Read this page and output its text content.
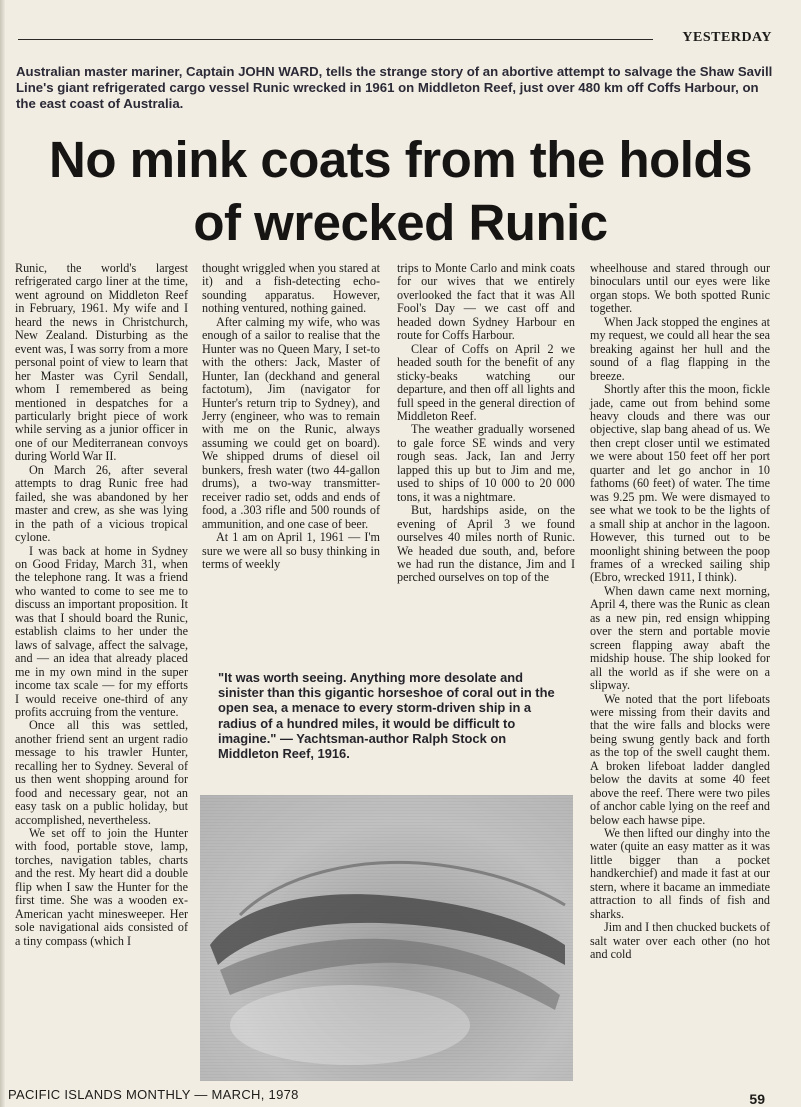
YESTERDAY
Australian master mariner, Captain JOHN WARD, tells the strange story of an abortive attempt to salvage the Shaw Savill Line's giant refrigerated cargo vessel Runic wrecked in 1961 on Middleton Reef, just over 480 km off Coffs Harbour, on the east coast of Australia.
No mink coats from the holds
of wrecked Runic

Runic, the world's largest refrigerated cargo liner at the time, went aground on Middleton Reef in February, 1961. My wife and I heard the news in Christchurch, New Zealand. Disturbing as the event was, I was sorry from a more personal point of view to learn that her Master was Cyril Sendall, whom I remembered as being mentioned in despatches for a particularly bright piece of work while serving as a junior officer in one of our Mediterranean convoys during World War II.

On March 26, after several attempts to drag Runic free had failed, she was abandoned by her master and crew, as she was lying in the path of a vicious tropical cylone.

I was back at home in Sydney on Good Friday, March 31, when the telephone rang. It was a friend who wanted to come to see me to discuss an important proposition. It was that I should board the Runic, establish claims to her under the laws of salvage, affect the salvage, and — an idea that already placed me in my own mind in the super income tax scale — for my efforts I would receive one-third of any profits accruing from the venture.

Once all this was settled, another friend sent an urgent radio message to his trawler Hunter, recalling her to Sydney. Several of us then went shopping around for food and necessary gear, not an easy task on a public holiday, but accomplished, nevertheless.

We set off to join the Hunter with food, portable stove, lamp, torches, navigation tables, charts and the rest. My heart did a double flip when I saw the Hunter for the first time. She was a wooden ex-American yacht minesweeper. Her sole navigational aids consisted of a tiny compass (which I

thought wriggled when you stared at it) and a fish-detecting echo-sounding apparatus. However, nothing ventured, nothing gained.

After calming my wife, who was enough of a sailor to realise that the Hunter was no Queen Mary, I set-to with the others: Jack, Master of Hunter, Ian (deckhand and general factotum), Jim (navigator for Hunter's return trip to Sydney), and Jerry (engineer, who was to remain with me on the Runic, always assuming we could get on board). We shipped drums of diesel oil bunkers, fresh water (two 44-gallon drums), a two-way transmitter-receiver radio set, odds and ends of food, a .303 rifle and 500 rounds of ammunition, and one case of beer.

At 1 am on April 1, 1961 — I'm sure we were all so busy thinking in terms of weekly

trips to Monte Carlo and mink coats for our wives that we entirely overlooked the fact that it was All Fool's Day — we cast off and headed down Sydney Harbour en route for Coffs Harbour.

Clear of Coffs on April 2 we headed south for the benefit of any sticky-beaks watching our departure, and then off all lights and full speed in the general direction of Middleton Reef.

The weather gradually worsened to gale force SE winds and very rough seas. Jack, Ian and Jerry lapped this up but to Jim and me, used to ships of 10 000 to 20 000 tons, it was a nightmare.

But, hardships aside, on the evening of April 3 we found ourselves 40 miles north of Runic. We headed due south, and, before we had run the distance, Jim and I perched ourselves on top of the

wheelhouse and stared through our binoculars until our eyes were like organ stops. We both spotted Runic together.

When Jack stopped the engines at my request, we could all hear the sea breaking against her hull and the sound of a flag flapping in the breeze.

Shortly after this the moon, fickle jade, came out from behind some heavy clouds and there was our objective, slap bang ahead of us. We then crept closer until we estimated we were about 150 feet off her port quarter and let go anchor in 10 fathoms (60 feet) of water. The time was 9.25 pm. We were dismayed to see what we took to be the lights of a small ship at anchor in the lagoon. However, this turned out to be moonlight shining between the poop frames of a wrecked sailing ship (Ebro, wrecked 1911, I think).

When dawn came next morning, April 4, there was the Runic as clean as a new pin, red ensign whipping over the stern and portable movie screen flapping away abaft the midship house. The ship looked for all the world as if she were on a slipway.

We noted that the port lifeboats were missing from their davits and that the wire falls and blocks were being swung gently back and forth as the top of the swell caught them. A broken lifeboat ladder dangled below the davits at some 40 feet above the reef. There were two piles of anchor cable lying on the reef and below each hawse pipe.

We then lifted our dinghy into the water (quite an easy matter as it was little bigger than a pocket handkerchief) and made it fast at our stern, where it bacame an immediate attraction to all finds of fish and sharks.

Jim and I then chucked buckets of salt water over each other (no hot and cold

"It was worth seeing. Anything more desolate and sinister than this gigantic horseshoe of coral out in the open sea, a menace to every storm-driven ship in a radius of a hundred miles, it would be difficult to imagine." — Yachtsman-author Ralph Stock on Middleton Reef, 1916.
PACIFIC ISLANDS MONTHLY — MARCH, 1978	59
